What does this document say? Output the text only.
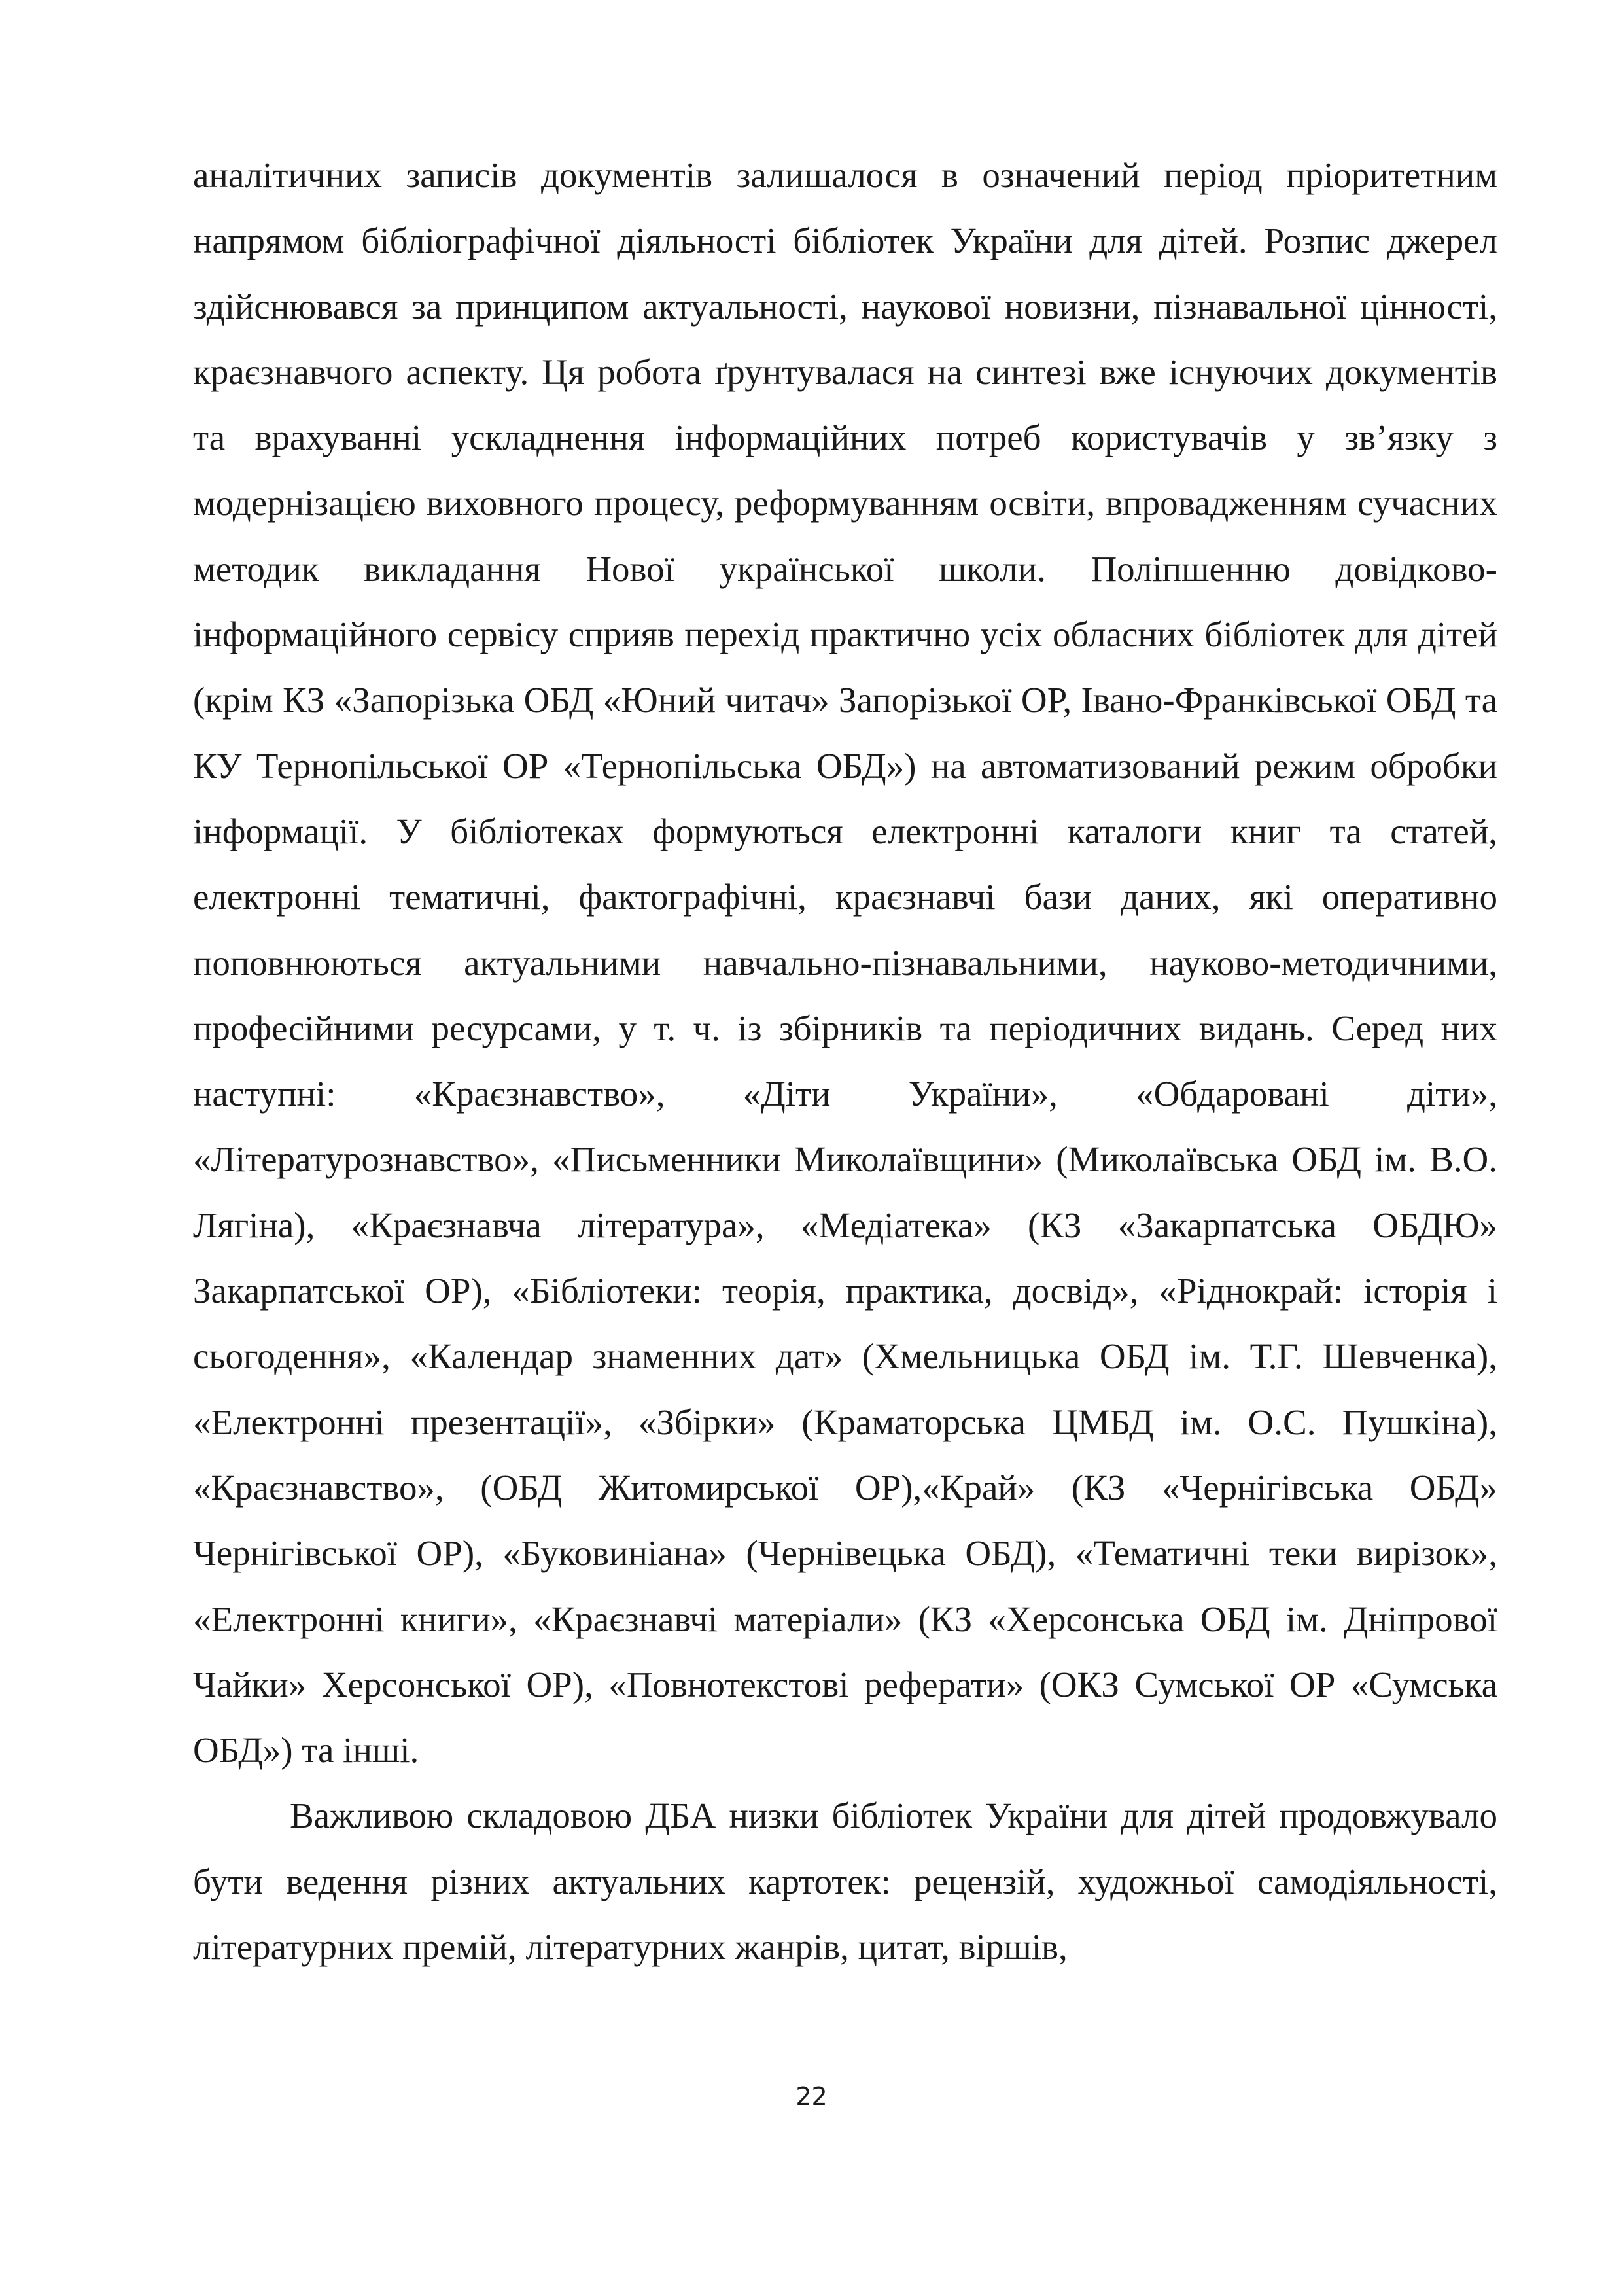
аналітичних записів документів залишалося в означений період пріоритетним напрямом бібліографічної діяльності бібліотек України для дітей. Розпис джерел здійснювався за принципом актуальності, наукової новизни, пізнавальної цінності, краєзнавчого аспекту. Ця робота ґрунтувалася на синтезі вже існуючих документів та врахуванні ускладнення інформаційних потреб користувачів у зв’язку з модернізацією виховного процесу, реформуванням освіти, впровадженням сучасних методик викладання Нової української школи. Поліпшенню довідково-інформаційного сервісу сприяв перехід практично усіх обласних бібліотек для дітей (крім КЗ «Запорізька ОБД «Юний читач» Запорізької ОР, Івано-Франківської ОБД та КУ Тернопільської ОР «Тернопільська ОБД») на автоматизований режим обробки інформації. У бібліотеках формуються електронні каталоги книг та статей, електронні тематичні, фактографічні, краєзнавчі бази даних, які оперативно поповнюються актуальними навчально-пізнавальними, науково-методичними, професійними ресурсами, у т. ч. із збірників та періодичних видань. Серед них наступні: «Краєзнавство», «Діти України», «Обдаровані діти», «Літературознавство», «Письменники Миколаївщини» (Миколаївська ОБД ім. В.О. Лягіна), «Краєзнавча література», «Медіатека» (КЗ «Закарпатська ОБДЮ» Закарпатської ОР), «Бібліотеки: теорія, практика, досвід», «Ріднокрай: історія і сьогодення», «Календар знаменних дат» (Хмельницька ОБД ім. Т.Г. Шевченка), «Електронні презентації», «Збірки» (Краматорська ЦМБД ім. О.С. Пушкіна), «Краєзнавство», (ОБД Житомирської ОР),«Край» (КЗ «Чернігівська ОБД» Чернігівської ОР), «Буковиніана» (Чернівецька ОБД), «Тематичні теки вирізок», «Електронні книги», «Краєзнавчі матеріали» (КЗ «Херсонська ОБД ім. Дніпрової Чайки» Херсонської ОР), «Повнотекстові реферати» (ОКЗ Сумської ОР «Сумська ОБД») та інші.

Важливою складовою ДБА низки бібліотек України для дітей продовжувало бути ведення різних актуальних картотек: рецензій, художньої самодіяльності, літературних премій, літературних жанрів, цитат, віршів,

22
